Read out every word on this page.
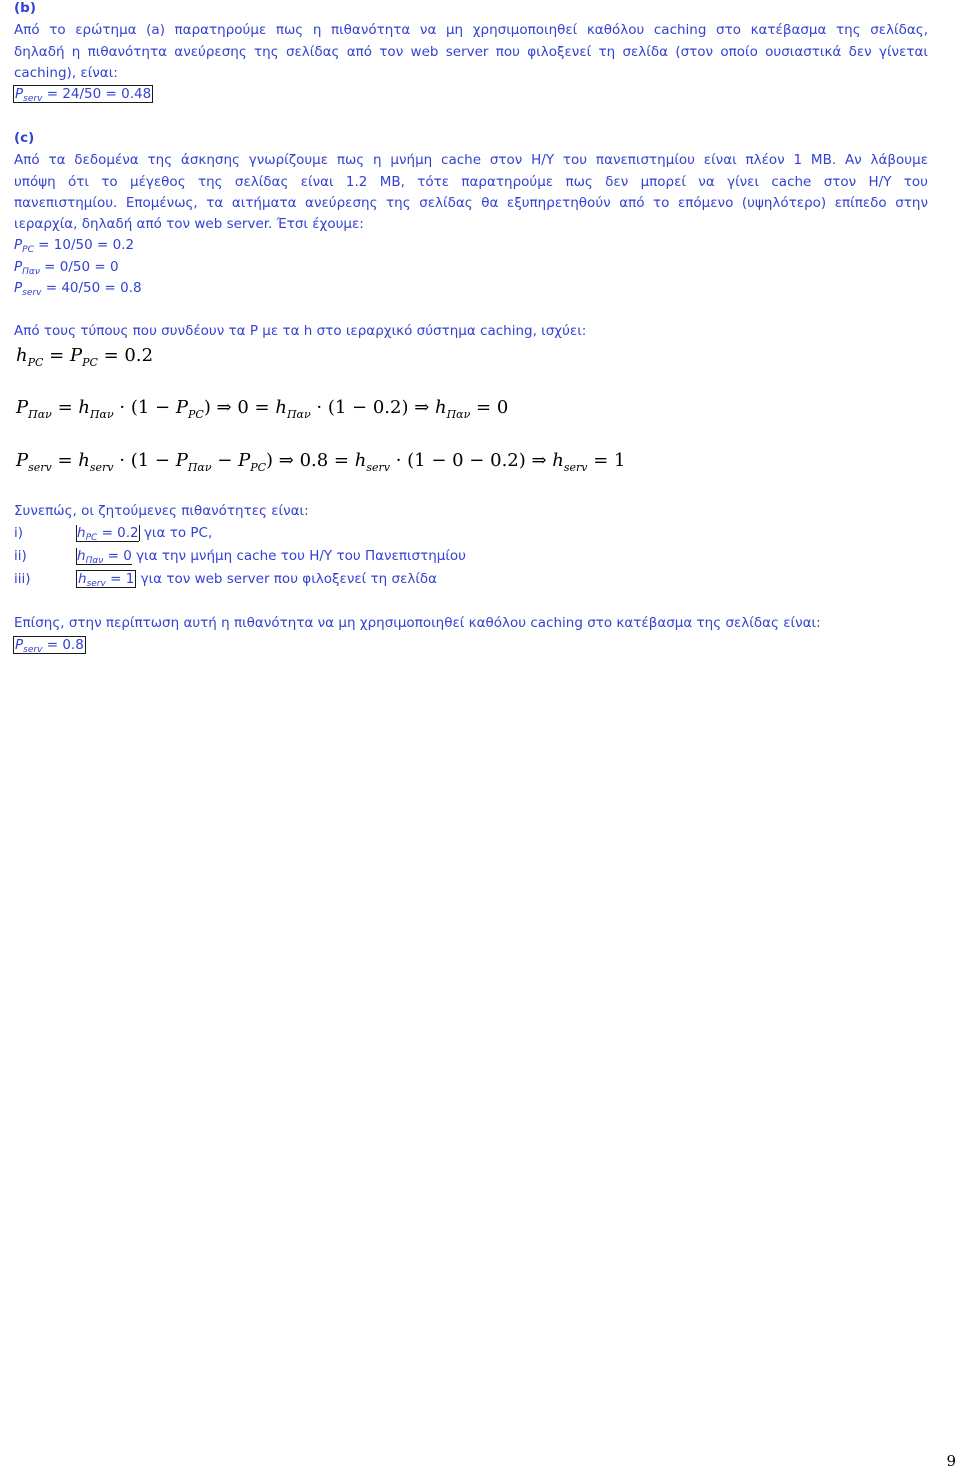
(b)
Από το ερώτημα (a) παρατηρούμε πως η πιθανότητα να μη χρησιμοποιηθεί καθόλου caching στο κατέβασμα της σελίδας,
δηλαδή η πιθανότητα ανεύρεσης της σελίδας από τον web server που φιλοξενεί τη σελίδα (στον οποίο ουσιαστικά δεν γίνεται
caching), είναι:
$P_{serv} = 24/50 = 0.48$
(c)
Από τα δεδομένα της άσκησης γνωρίζουμε πως η μνήμη cache στον Η/Υ του πανεπιστημίου είναι πλέον 1 MB. Αν λάβουμε
υπόψη ότι το μέγεθος της σελίδας είναι 1.2 MB, τότε παρατηρούμε πως δεν μπορεί να γίνει cache στον Η/Υ του
πανεπιστημίου. Επομένως, τα αιτήματα ανεύρεσης της σελίδας θα εξυπηρετηθούν από το επόμενο (υψηλότερο) επίπεδο στην
ιεραρχία, δηλαδή από τον web server. Έτσι έχουμε:
$P_{PC} = 10/50 = 0.2$
$P_{\Pi\alpha\nu} = 0/50 = 0$
$P_{serv} = 40/50 = 0.8$
Από τους τύπους που συνδέουν τα P με τα h στο ιεραρχικό σύστημα caching, ισχύει:
$h_{PC} = P_{PC} = 0.2$
$P_{\Pi\alpha\nu} = h_{\Pi\alpha\nu} \cdot (1 - P_{PC})$ ⇒ $0 = h_{\Pi\alpha\nu} \cdot (1 - 0.2)$ ⇒ $h_{\Pi\alpha\nu} = 0$
$P_{serv} = h_{serv} \cdot (1 - P_{\Pi\alpha\nu} - P_{PC})$ ⇒ $0.8 = h_{serv} \cdot (1 - 0 - 0.2)$ ⇒ $h_{serv} = 1$
Συνεπώς, οι ζητούμενες πιθανότητες είναι:
i)	$h_{PC} = 0.2$ για το PC,
ii)	$h_{\Pi\alpha\nu} = 0$ για την μνήμη cache του Η/Υ του Πανεπιστημίου
iii)	$h_{serv} = 1$ για τον web server που φιλοξενεί τη σελίδα
Επίσης, στην περίπτωση αυτή η πιθανότητα να μη χρησιμοποιηθεί καθόλου caching στο κατέβασμα της σελίδας είναι:
$P_{serv} = 0.8$
9
